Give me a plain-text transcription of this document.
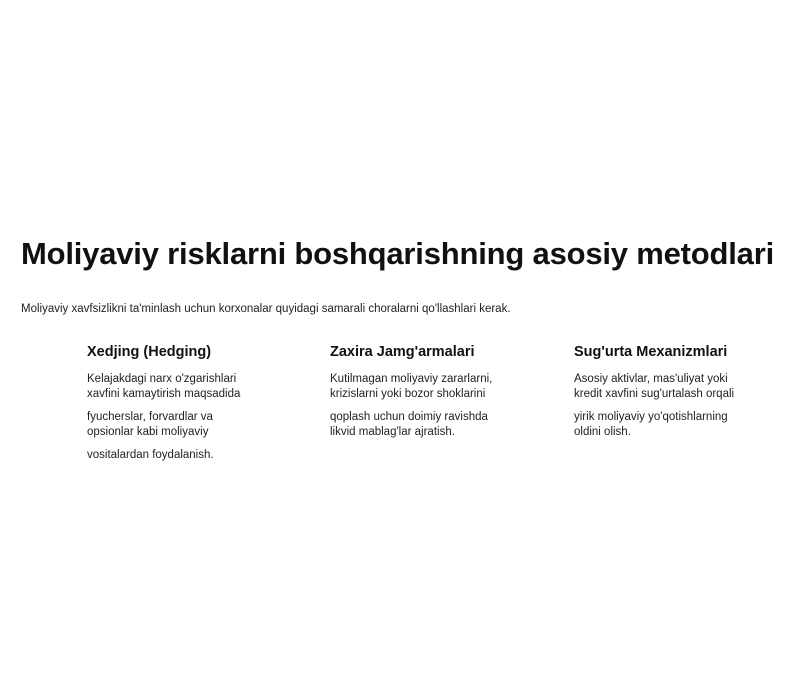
Moliyaviy risklarni boshqarishning asosiy metodlari

Moliyaviy xavfsizlikni ta'minlash uchun korxonalar quyidagi samarali choralarni qo'llashlari kerak.

Xedjing (Hedging)

Kelajakdagi narx o'zgarishlari
xavfini kamaytirish maqsadida

fyucherslar, forvardlar va
opsionlar kabi moliyaviy

vositalardan foydalanish.

Zaxira Jamg'armalari

Kutilmagan moliyaviy zararlarni,
krizislarni yoki bozor shoklarini

qoplash uchun doimiy ravishda
likvid mablag'lar ajratish.

Sug'urta Mexanizmlari

Asosiy aktivlar, mas'uliyat yoki
kredit xavfini sug'urtalash orqali

yirik moliyaviy yo'qotishlarning
oldini olish.
